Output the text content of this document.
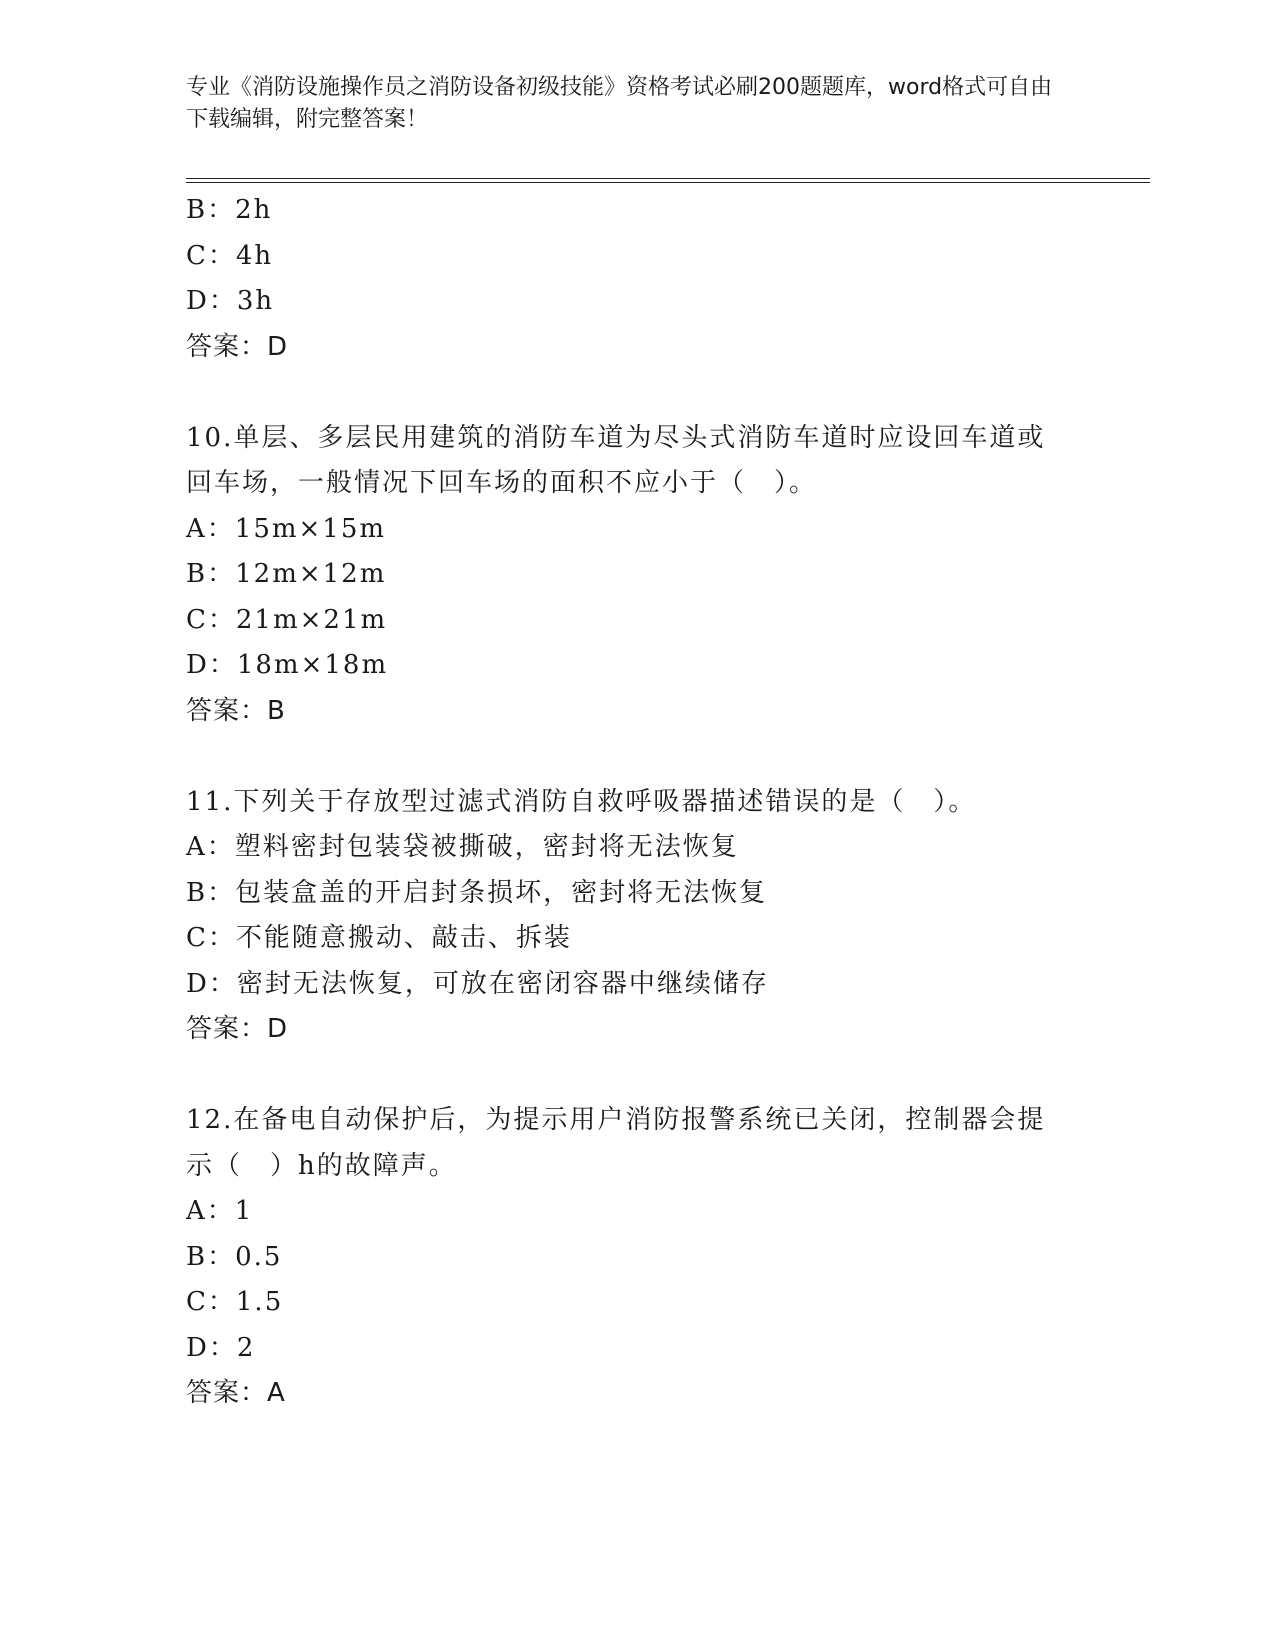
专业《消防设施操作员之消防设备初级技能》资格考试必刷200题题库，word格式可自由下载编辑，附完整答案！
B：2h
C：4h
D：3h
答案：D
10.单层、多层民用建筑的消防车道为尽头式消防车道时应设回车道或
回车场，一般情况下回车场的面积不应小于（　）。
A：15m×15m
B：12m×12m
C：21m×21m
D：18m×18m
答案：B
11.下列关于存放型过滤式消防自救呼吸器描述错误的是（　）。
A：塑料密封包装袋被撕破，密封将无法恢复
B：包装盒盖的开启封条损坏，密封将无法恢复
C：不能随意搬动、敲击、拆装
D：密封无法恢复，可放在密闭容器中继续储存
答案：D
12.在备电自动保护后，为提示用户消防报警系统已关闭，控制器会提
示（　）h的故障声。
A：1
B：0.5
C：1.5
D：2
答案：A
